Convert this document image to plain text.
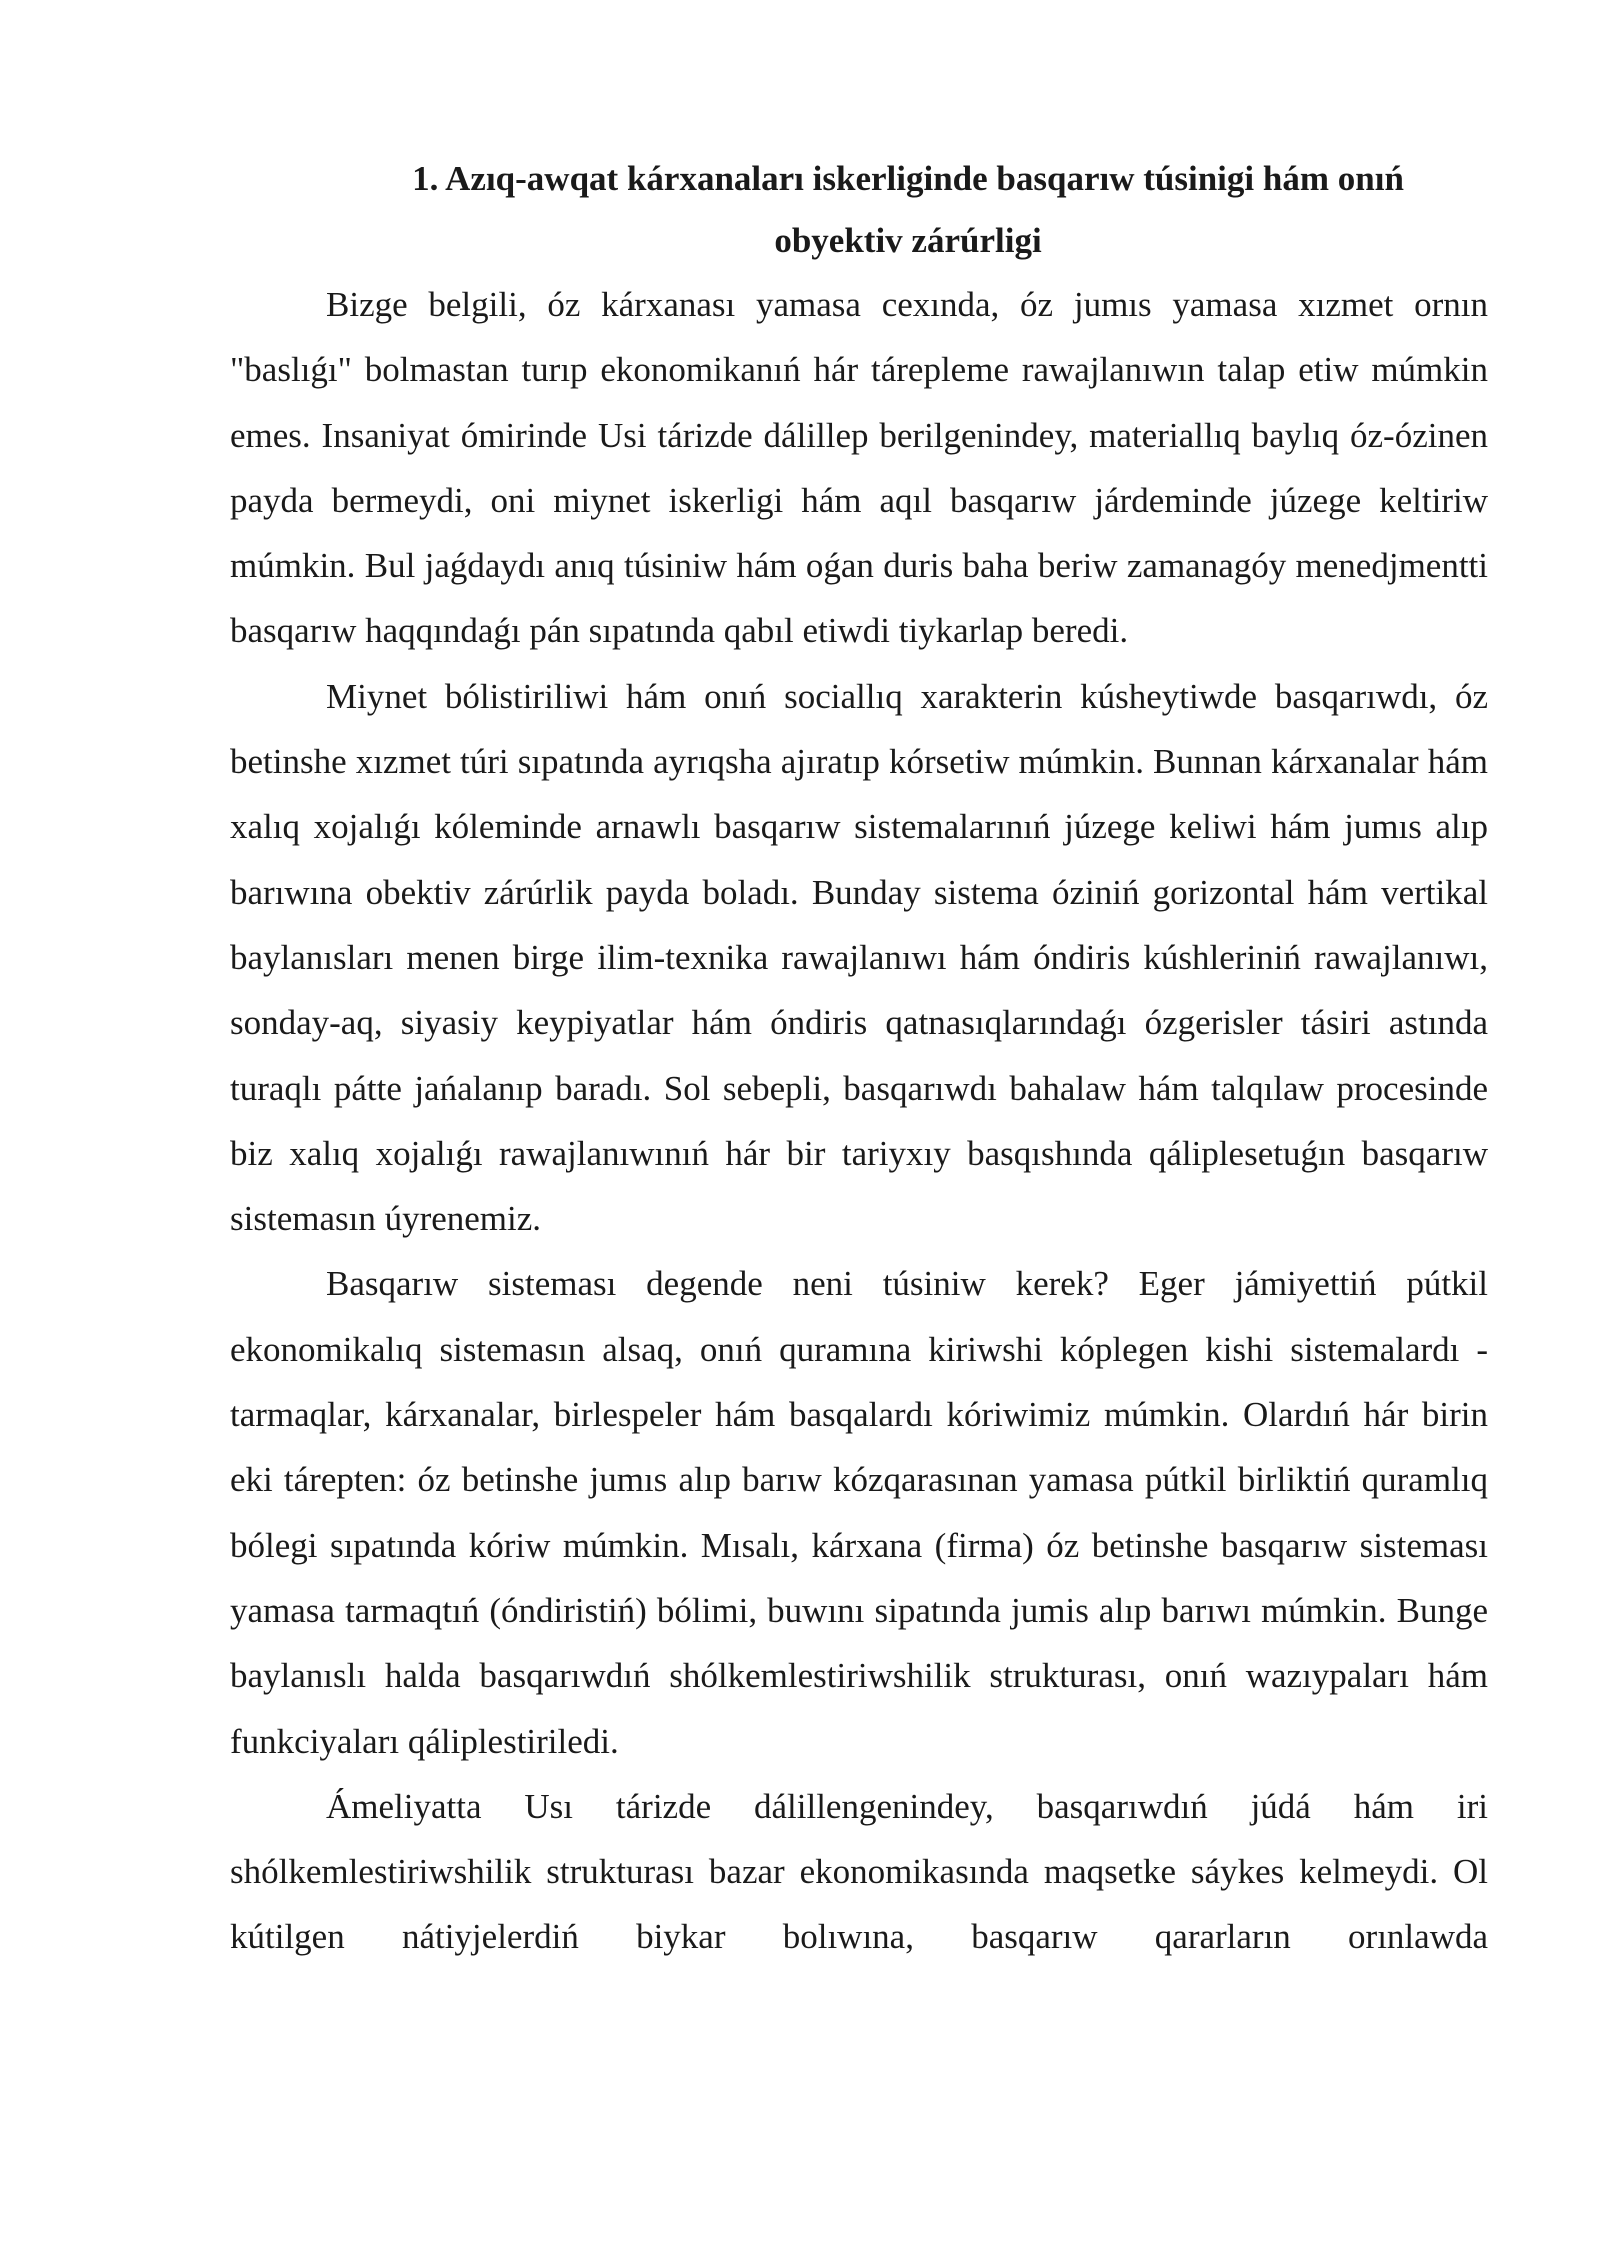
1. Azıq-awqat kárxanaları iskerliginde basqarıw túsinigi hám onıń obyektiv zárúrligi

Bizge belgili, óz kárxanası yamasa cexında, óz jumıs yamasa xızmet ornın "baslıǵı" bolmastan turıp ekonomikanıń hár tárepleme rawajlanıwın talap etiw múmkin emes. Insaniyat ómirinde Usi tárizde dálillep berilgenindey, materiallıq baylıq óz-ózinen payda bermeydi, oni miynet iskerligi hám aqıl basqarıw járdeminde júzege keltiriw múmkin. Bul jaǵdaydı anıq túsiniw hám oǵan duris baha beriw zamanagóy menedjmentti basqarıw haqqındaǵı pán sıpatında qabıl etiwdi tiykarlap beredi.

Miynet bólistiriliwi hám onıń sociallıq xarakterin kúsheytiwde basqarıwdı, óz betinshe xızmet túri sıpatında ayrıqsha ajıratıp kórsetiw múmkin. Bunnan kárxanalar hám xalıq xojalıǵı kóleminde arnawlı basqarıw sistemalarınıń júzege keliwi hám jumıs alıp barıwına obektiv zárúrlik payda boladı. Bunday sistema óziniń gorizontal hám vertikal baylanısları menen birge ilim-texnika rawajlanıwı hám óndiris kúshleriniń rawajlanıwı, sonday-aq, siyasiy keypiyatlar hám óndiris qatnasıqlarındaǵı ózgerisler tásiri astında turaqlı pátte jańalanıp baradı. Sol sebepli, basqarıwdı bahalaw hám talqılaw procesinde biz xalıq xojalıǵı rawajlanıwınıń hár bir tariyxıy basqıshında qáliplesetuǵın basqarıw sistemasın úyrenemiz.

Basqarıw sisteması degende neni túsiniw kerek? Eger jámiyettiń pútkil ekonomikalıq sistemasın alsaq, onıń quramına kiriwshi kóplegen kishi sistemalardı - tarmaqlar, kárxanalar, birlespeler hám basqalardı kóriwimiz múmkin. Olardıń hár birin eki tárepten: óz betinshe jumıs alıp barıw kózqarasınan yamasa pútkil birliktiń quramlıq bólegi sıpatında kóriw múmkin. Mısalı, kárxana (firma) óz betinshe basqarıw sisteması yamasa tarmaqtıń (óndiristiń) bólimi, buwını sipatında jumis alıp barıwı múmkin. Bunge baylanıslı halda basqarıwdıń shólkemlestiriwshilik strukturası, onıń wazıypaları hám funkciyaları qáliplestiriledi.

Ámeliyatta Usı tárizde dálillengenindey, basqarıwdıń júdá hám iri shólkemlestiriwshilik strukturası bazar ekonomikasında maqsetke sáykes kelmeydi. Ol kútilgen nátiyjelerdiń biykar bolıwına, basqarıw qararların orınlawda
